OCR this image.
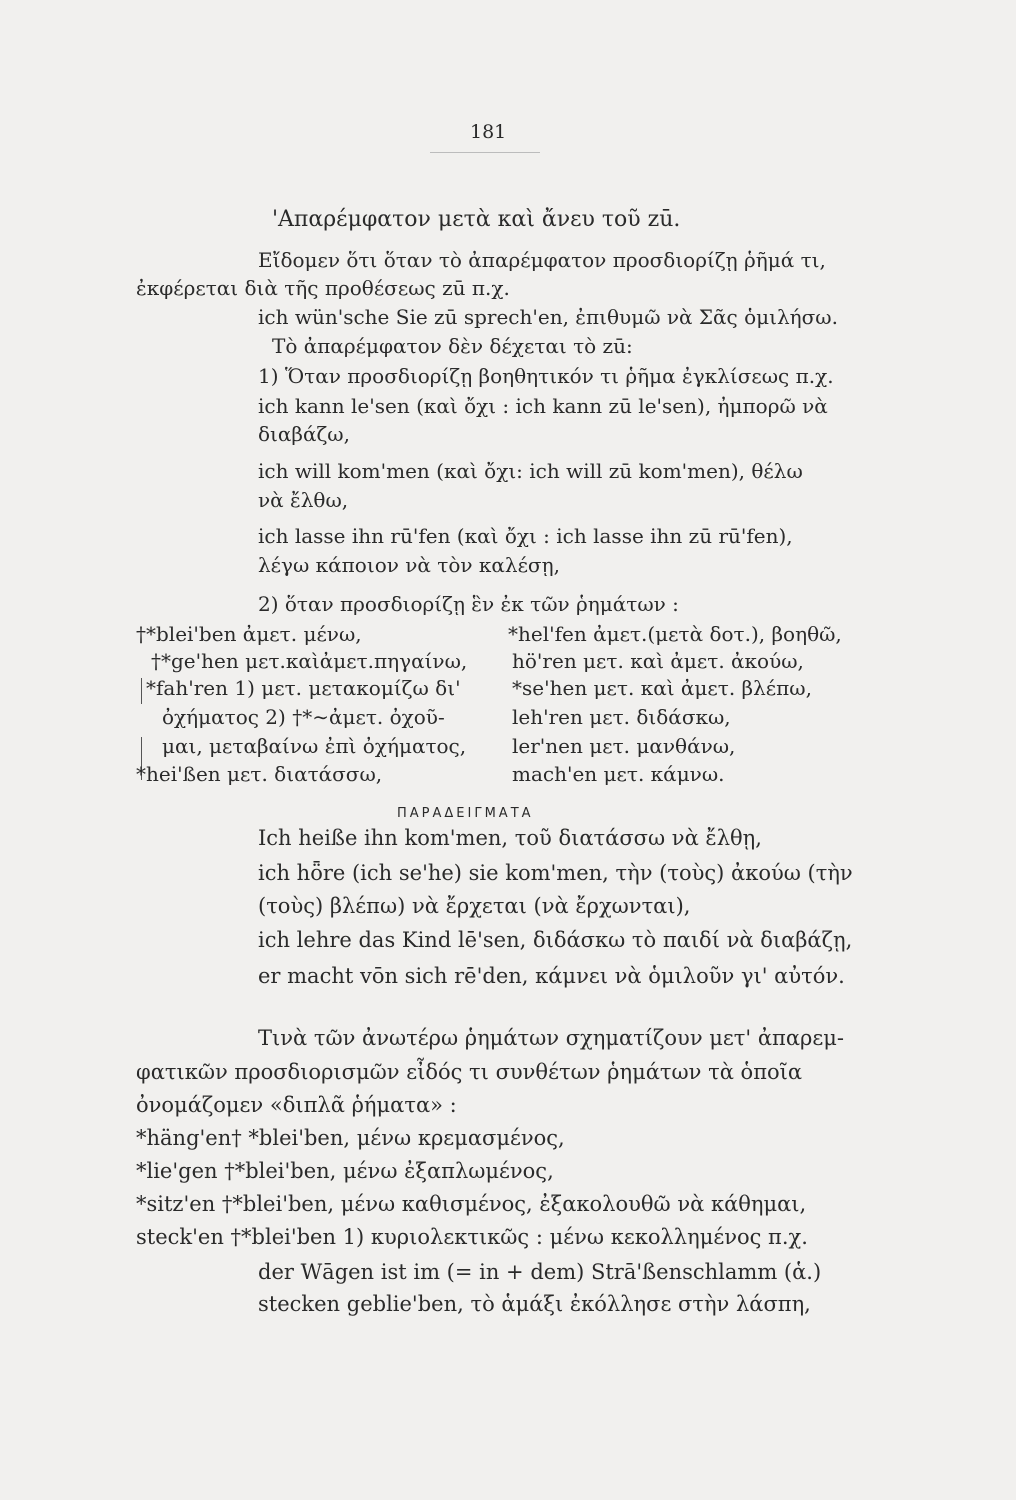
181
'Απαρέμφατον μετὰ καὶ ἄνευ τοῦ zū.
Εἴδομεν ὅτι ὅταν τὸ ἀπαρέμφατον προσδιορίζῃ ῥῆμά τι,
ἐκφέρεται διὰ τῆς προθέσεως zū π.χ.
ich wün'sche Sie zū sprech'en, ἐπιθυμῶ νὰ Σᾶς ὁμιλήσω.
Τὸ ἀπαρέμφατον δὲν δέχεται τὸ zū:
1) Ὅταν προσδιορίζῃ βοηθητικόν τι ῥῆμα ἐγκλίσεως π.χ.
ich kann le'sen (καὶ ὄχι : ich kann zū le'sen), ἠμπορῶ νὰ
διαβάζω,
ich will kom'men (καὶ ὄχι: ich will zū kom'men), θέλω
νὰ ἔλθω,
ich lasse ihn rū'fen (καὶ ὄχι : ich lasse ihn zū rū'fen),
λέγω κάποιον νὰ τὸν καλέσῃ,
2) ὅταν προσδιορίζῃ ἓν ἐκ τῶν ῥημάτων :
†*blei'ben ἀμετ. μένω,
†*ge'hen μετ.καὶἀμετ.πηγαίνω,
*fah'ren 1) μετ. μετακομίζω δι'
ὀχήματος 2) †*∼ἀμετ. ὀχοῦ-
μαι, μεταβαίνω ἐπὶ ὀχήματος,
*hei'ßen μετ. διατάσσω,
*hel'fen ἀμετ.(μετὰ δοτ.), βοηθῶ,
hö'ren μετ. καὶ ἀμετ. ἀκούω,
*se'hen μετ. καὶ ἀμετ. βλέπω,
leh'ren μετ. διδάσκω,
ler'nen μετ. μανθάνω,
mach'en μετ. κάμνω.
ΠΑΡΑΔΕΙΓΜΑΤΑ
Ich heiße ihn kom'men, τοῦ διατάσσω νὰ ἔλθῃ,
ich hȫre (ich se'he) sie kom'men, τὴν (τοὺς) ἀκούω (τὴν
(τοὺς) βλέπω) νὰ ἔρχεται (νὰ ἔρχωνται),
ich lehre das Kind lē'sen, διδάσκω τὸ παιδί νὰ διαβάζῃ,
er macht vōn sich rē'den, κάμνει νὰ ὁμιλοῦν γι' αὐτόν.
Τινὰ τῶν ἀνωτέρω ῥημάτων σχηματίζουν μετ' ἀπαρεμ-
φατικῶν προσδιορισμῶν εἶδός τι συνθέτων ῥημάτων τὰ ὁποῖα
ὀνομάζομεν «διπλᾶ ῥήματα» :
*häng'en† *blei'ben, μένω κρεμασμένος,
*lie'gen †*blei'ben, μένω ἐξαπλωμένος,
*sitz'en †*blei'ben, μένω καθισμένος, ἐξακολουθῶ νὰ κάθημαι,
steck'en †*blei'ben 1) κυριολεκτικῶς : μένω κεκολλημένος π.χ.
der Wāgen ist im (= in + dem) Strā'ßenschlamm (ἁ.)
stecken geblie'ben, τὸ ἁμάξι ἐκόλλησε στὴν λάσπη,
